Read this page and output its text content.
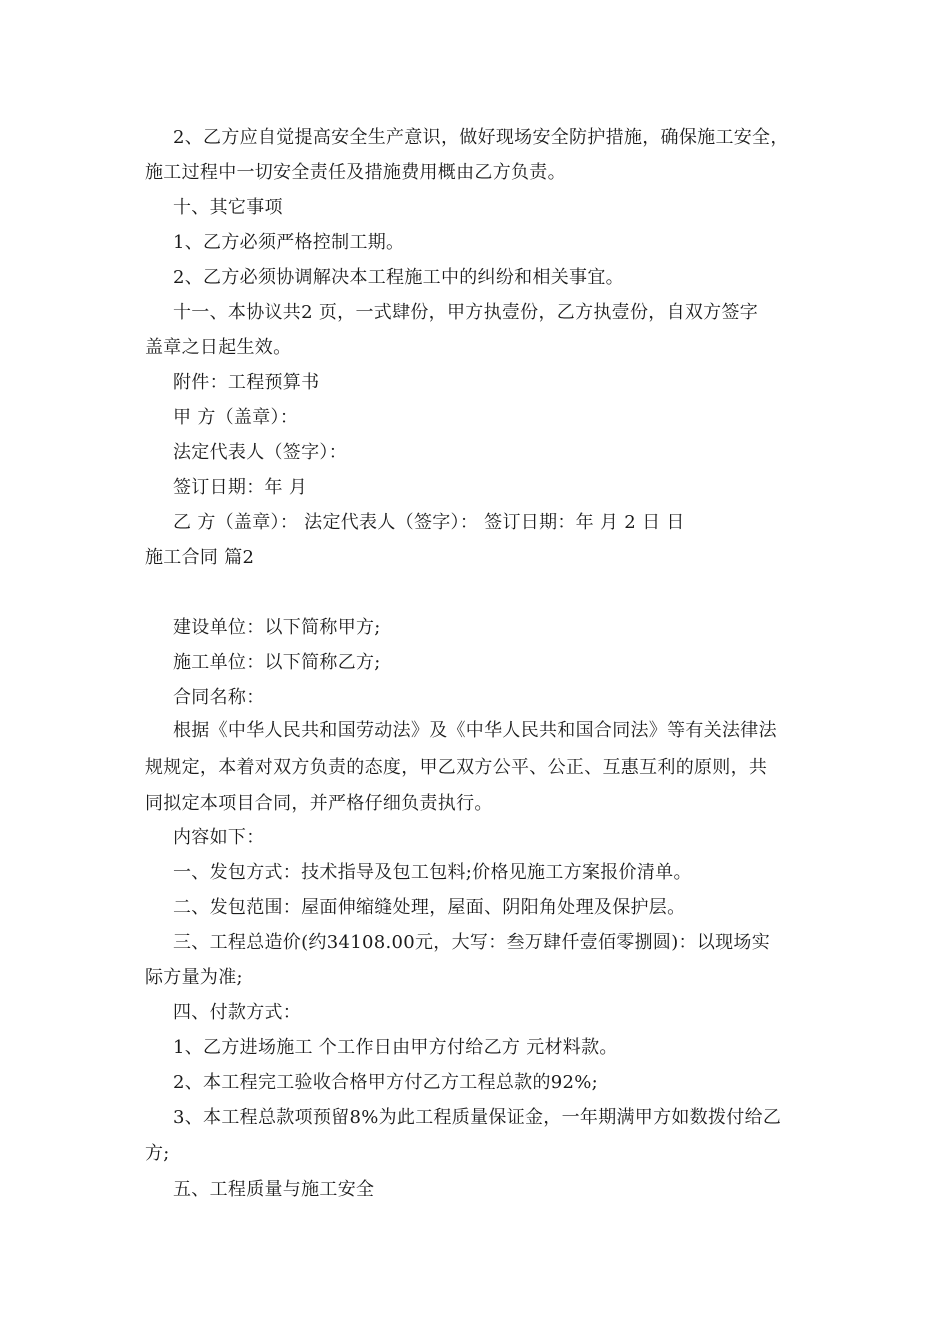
2、乙方应自觉提高安全生产意识，做好现场安全防护措施，确保施工安全，
施工过程中一切安全责任及措施费用概由乙方负责。
十、其它事项
1、乙方必须严格控制工期。
2、乙方必须协调解决本工程施工中的纠纷和相关事宜。
十一、本协议共2 页，一式肆份，甲方执壹份，乙方执壹份，自双方签字
盖章之日起生效。
附件：工程预算书
甲 方（盖章）：
法定代表人（签字）：
签订日期：年 月
乙 方（盖章）： 法定代表人（签字）： 签订日期：年 月 2 日 日
施工合同 篇2
建设单位：以下简称甲方;
施工单位：以下简称乙方;
合同名称：
根据《中华人民共和国劳动法》及《中华人民共和国合同法》等有关法律法
规规定，本着对双方负责的态度，甲乙双方公平、公正、互惠互利的原则，共
同拟定本项目合同，并严格仔细负责执行。
内容如下：
一、发包方式：技术指导及包工包料;价格见施工方案报价清单。
二、发包范围：屋面伸缩缝处理，屋面、阴阳角处理及保护层。
三、工程总造价(约34108.00元，大写：叁万肆仟壹佰零捌圆)：以现场实
际方量为准;
四、付款方式：
1、乙方进场施工 个工作日由甲方付给乙方 元材料款。
2、本工程完工验收合格甲方付乙方工程总款的92%;
3、本工程总款项预留8%为此工程质量保证金，一年期满甲方如数拨付给乙
方;
五、工程质量与施工安全
